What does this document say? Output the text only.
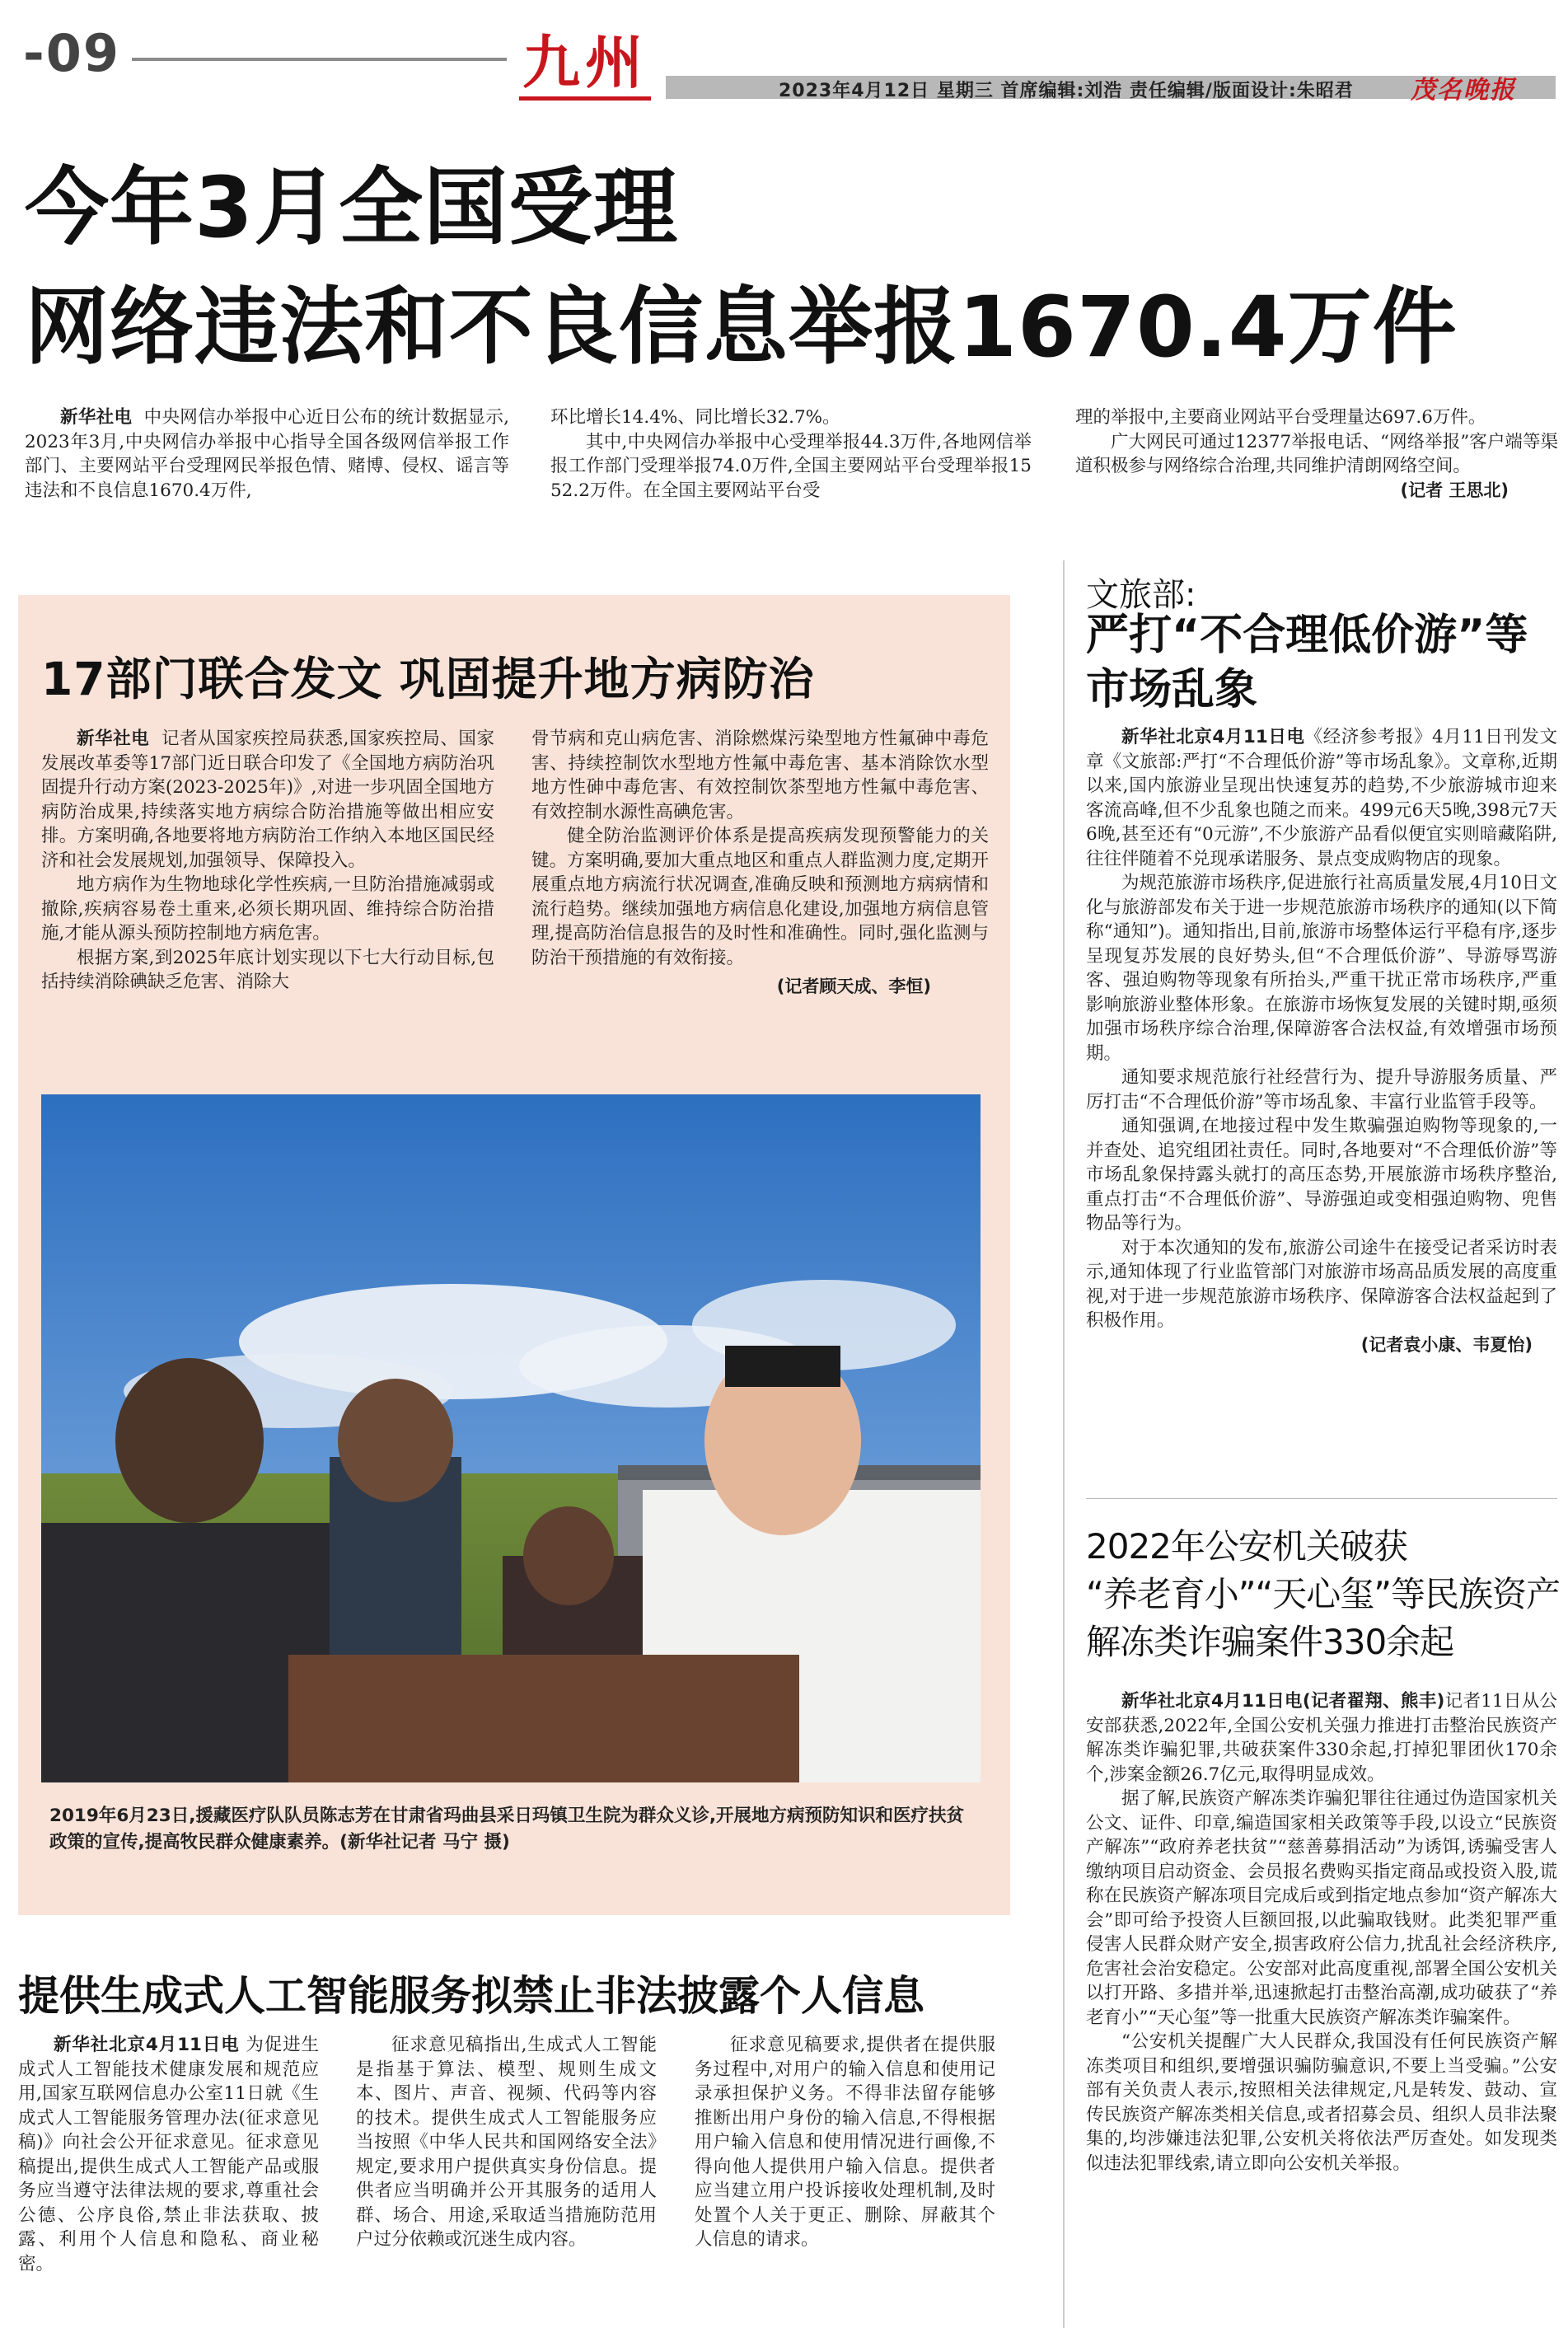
-09	九州	2023年4月12日 星期三 首席编辑:刘浩 责任编辑/版面设计:朱昭君 茂名晚报
今年3月全国受理
网络违法和不良信息举报1670.4万件

新华社电 中央网信办举报中心近日公布的统计数据显示,2023年3月,中央网信办举报中心指导全国各级网信举报工作部门、主要网站平台受理网民举报色情、赌博、侵权、谣言等违法和不良信息1670.4万件,

环比增长14.4%、同比增长32.7%。

其中,中央网信办举报中心受理举报44.3万件,各地网信举报工作部门受理举报74.0万件,全国主要网站平台受理举报1552.2万件。在全国主要网站平台受

理的举报中,主要商业网站平台受理量达697.6万件。

广大网民可通过12377举报电话、“网络举报”客户端等渠道积极参与网络综合治理,共同维护清朗网络空间。

(记者 王思北)
17部门联合发文 巩固提升地方病防治

新华社电 记者从国家疾控局获悉,国家疾控局、国家发展改革委等17部门近日联合印发了《全国地方病防治巩固提升行动方案(2023-2025年)》,对进一步巩固全国地方病防治成果,持续落实地方病综合防治措施等做出相应安排。方案明确,各地要将地方病防治工作纳入本地区国民经济和社会发展规划,加强领导、保障投入。

地方病作为生物地球化学性疾病,一旦防治措施减弱或撤除,疾病容易卷土重来,必须长期巩固、维持综合防治措施,才能从源头预防控制地方病危害。

根据方案,到2025年底计划实现以下七大行动目标,包括持续消除碘缺乏危害、消除大

骨节病和克山病危害、消除燃煤污染型地方性氟砷中毒危害、持续控制饮水型地方性氟中毒危害、基本消除饮水型地方性砷中毒危害、有效控制饮茶型地方性氟中毒危害、有效控制水源性高碘危害。

健全防治监测评价体系是提高疾病发现预警能力的关键。方案明确,要加大重点地区和重点人群监测力度,定期开展重点地方病流行状况调查,准确反映和预测地方病病情和流行趋势。继续加强地方病信息化建设,加强地方病信息管理,提高防治信息报告的及时性和准确性。同时,强化监测与防治干预措施的有效衔接。

(记者顾天成、李恒)
2019年6月23日,援藏医疗队队员陈志芳在甘肃省玛曲县采日玛镇卫生院为群众义诊,开展地方病预防知识和医疗扶贫政策的宣传,提高牧民群众健康素养。(新华社记者 马宁 摄)
提供生成式人工智能服务拟禁止非法披露个人信息

新华社北京4月11日电 为促进生成式人工智能技术健康发展和规范应用,国家互联网信息办公室11日就《生成式人工智能服务管理办法(征求意见稿)》向社会公开征求意见。征求意见稿提出,提供生成式人工智能产品或服务应当遵守法律法规的要求,尊重社会公德、公序良俗,禁止非法获取、披露、利用个人信息和隐私、商业秘密。

征求意见稿指出,生成式人工智能是指基于算法、模型、规则生成文本、图片、声音、视频、代码等内容的技术。提供生成式人工智能服务应当按照《中华人民共和国网络安全法》规定,要求用户提供真实身份信息。提供者应当明确并公开其服务的适用人群、场合、用途,采取适当措施防范用户过分依赖或沉迷生成内容。

征求意见稿要求,提供者在提供服务过程中,对用户的输入信息和使用记录承担保护义务。不得非法留存能够推断出用户身份的输入信息,不得根据用户输入信息和使用情况进行画像,不得向他人提供用户输入信息。提供者应当建立用户投诉接收处理机制,及时处置个人关于更正、删除、屏蔽其个人信息的请求。

文旅部:
严打“不合理低价游”等
市场乱象

新华社北京4月11日电《经济参考报》4月11日刊发文章《文旅部:严打“不合理低价游”等市场乱象》。文章称,近期以来,国内旅游业呈现出快速复苏的趋势,不少旅游城市迎来客流高峰,但不少乱象也随之而来。499元6天5晚,398元7天6晚,甚至还有“0元游”,不少旅游产品看似便宜实则暗藏陷阱,往往伴随着不兑现承诺服务、景点变成购物店的现象。

为规范旅游市场秩序,促进旅行社高质量发展,4月10日文化与旅游部发布关于进一步规范旅游市场秩序的通知(以下简称“通知”)。通知指出,目前,旅游市场整体运行平稳有序,逐步呈现复苏发展的良好势头,但“不合理低价游”、导游辱骂游客、强迫购物等现象有所抬头,严重干扰正常市场秩序,严重影响旅游业整体形象。在旅游市场恢复发展的关键时期,亟须加强市场秩序综合治理,保障游客合法权益,有效增强市场预期。

通知要求规范旅行社经营行为、提升导游服务质量、严厉打击“不合理低价游”等市场乱象、丰富行业监管手段等。

通知强调,在地接过程中发生欺骗强迫购物等现象的,一并查处、追究组团社责任。同时,各地要对“不合理低价游”等市场乱象保持露头就打的高压态势,开展旅游市场秩序整治,重点打击“不合理低价游”、导游强迫或变相强迫购物、兜售物品等行为。

对于本次通知的发布,旅游公司途牛在接受记者采访时表示,通知体现了行业监管部门对旅游市场高品质发展的高度重视,对于进一步规范旅游市场秩序、保障游客合法权益起到了积极作用。

(记者袁小康、韦夏怡)
2022年公安机关破获
“养老育小”“天心玺”等民族资产
解冻类诈骗案件330余起

新华社北京4月11日电(记者翟翔、熊丰)记者11日从公安部获悉,2022年,全国公安机关强力推进打击整治民族资产解冻类诈骗犯罪,共破获案件330余起,打掉犯罪团伙170余个,涉案金额26.7亿元,取得明显成效。

据了解,民族资产解冻类诈骗犯罪往往通过伪造国家机关公文、证件、印章,编造国家相关政策等手段,以设立“民族资产解冻”“政府养老扶贫”“慈善募捐活动”为诱饵,诱骗受害人缴纳项目启动资金、会员报名费购买指定商品或投资入股,谎称在民族资产解冻项目完成后或到指定地点参加“资产解冻大会”即可给予投资人巨额回报,以此骗取钱财。此类犯罪严重侵害人民群众财产安全,损害政府公信力,扰乱社会经济秩序,危害社会治安稳定。公安部对此高度重视,部署全国公安机关以打开路、多措并举,迅速掀起打击整治高潮,成功破获了“养老育小”“天心玺”等一批重大民族资产解冻类诈骗案件。

“公安机关提醒广大人民群众,我国没有任何民族资产解冻类项目和组织,要增强识骗防骗意识,不要上当受骗。”公安部有关负责人表示,按照相关法律规定,凡是转发、鼓动、宣传民族资产解冻类相关信息,或者招募会员、组织人员非法聚集的,均涉嫌违法犯罪,公安机关将依法严厉查处。如发现类似违法犯罪线索,请立即向公安机关举报。
